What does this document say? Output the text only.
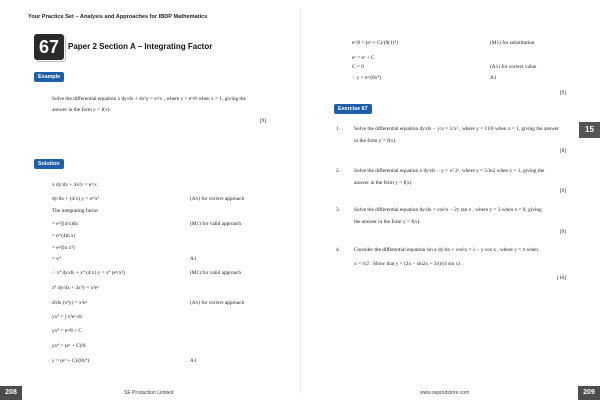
Your Practice Set – Analysis and Approaches for IBDP Mathematics
67	Paper 2 Section A – Integrating Factor
Example
Solve the differential equation x dy/dx + 4x²y = eˣ/x , where y = eˣ/8 when x = 1, giving the
answer in the form y = f(x).
[9]
Solution
x dy/dx + 4x²y = eˣ/x
dy/dx + (4/x) y = eˣ/x²	(A1) for correct approach
The integrating factor
= e^∫(4/x)dx	(M1) for valid approach
= e^(4ln x)
= e^(ln x⁴)
= x⁴	A1
∴ x⁴ dy/dx + x⁴ (4/x) y = x⁴ (eˣ/x²)	(M1) for valid approach
x⁴ dy/dx + 4x³y = x²eˣ
d/dx (x⁴y) = x²eˣ	(A1) for correct approach
yx⁴ = ∫ x²eˣ dx
yx⁴ = eˣ/8 + C
yx⁴ = (eˣ + C)/8
y = (eˣ + C)/(8x⁴)	A1
eˣ/8 = (eˣ + C)/(8(1)⁴)	(M1) for substitution
eˣ = eˣ + C
C = 0	(A1) for correct value
∴ y = eˣ/(8x⁴)	A1
[9]
Exercise 67
1.	Solve the differential equation dy/dx − y/x = 1/x² , where y = 11/8 when x = 1, giving the answer
in the form y = f(x).
[8]
2.	Solve the differential equation x dy/dx − y = x² 2ˣ, where y = 5/ln2 when x = 1, giving the
answer in the form y = f(x).
[9]
3.	Solve the differential equation dy/dx = cos²x − 2y tan x , where y = 3 when x = 0, giving
the answer in the form y = f(x).
[9]
4.	Consider the differential equation sin x dy/dx + cos²x = 1 − y cos x , where y = π when
x = π/2 . Show that y = (2x − sin2x + 3π)/(4 sin x) .
[10]
15
208	SE Production Limited	www.seprodstore.com	209
